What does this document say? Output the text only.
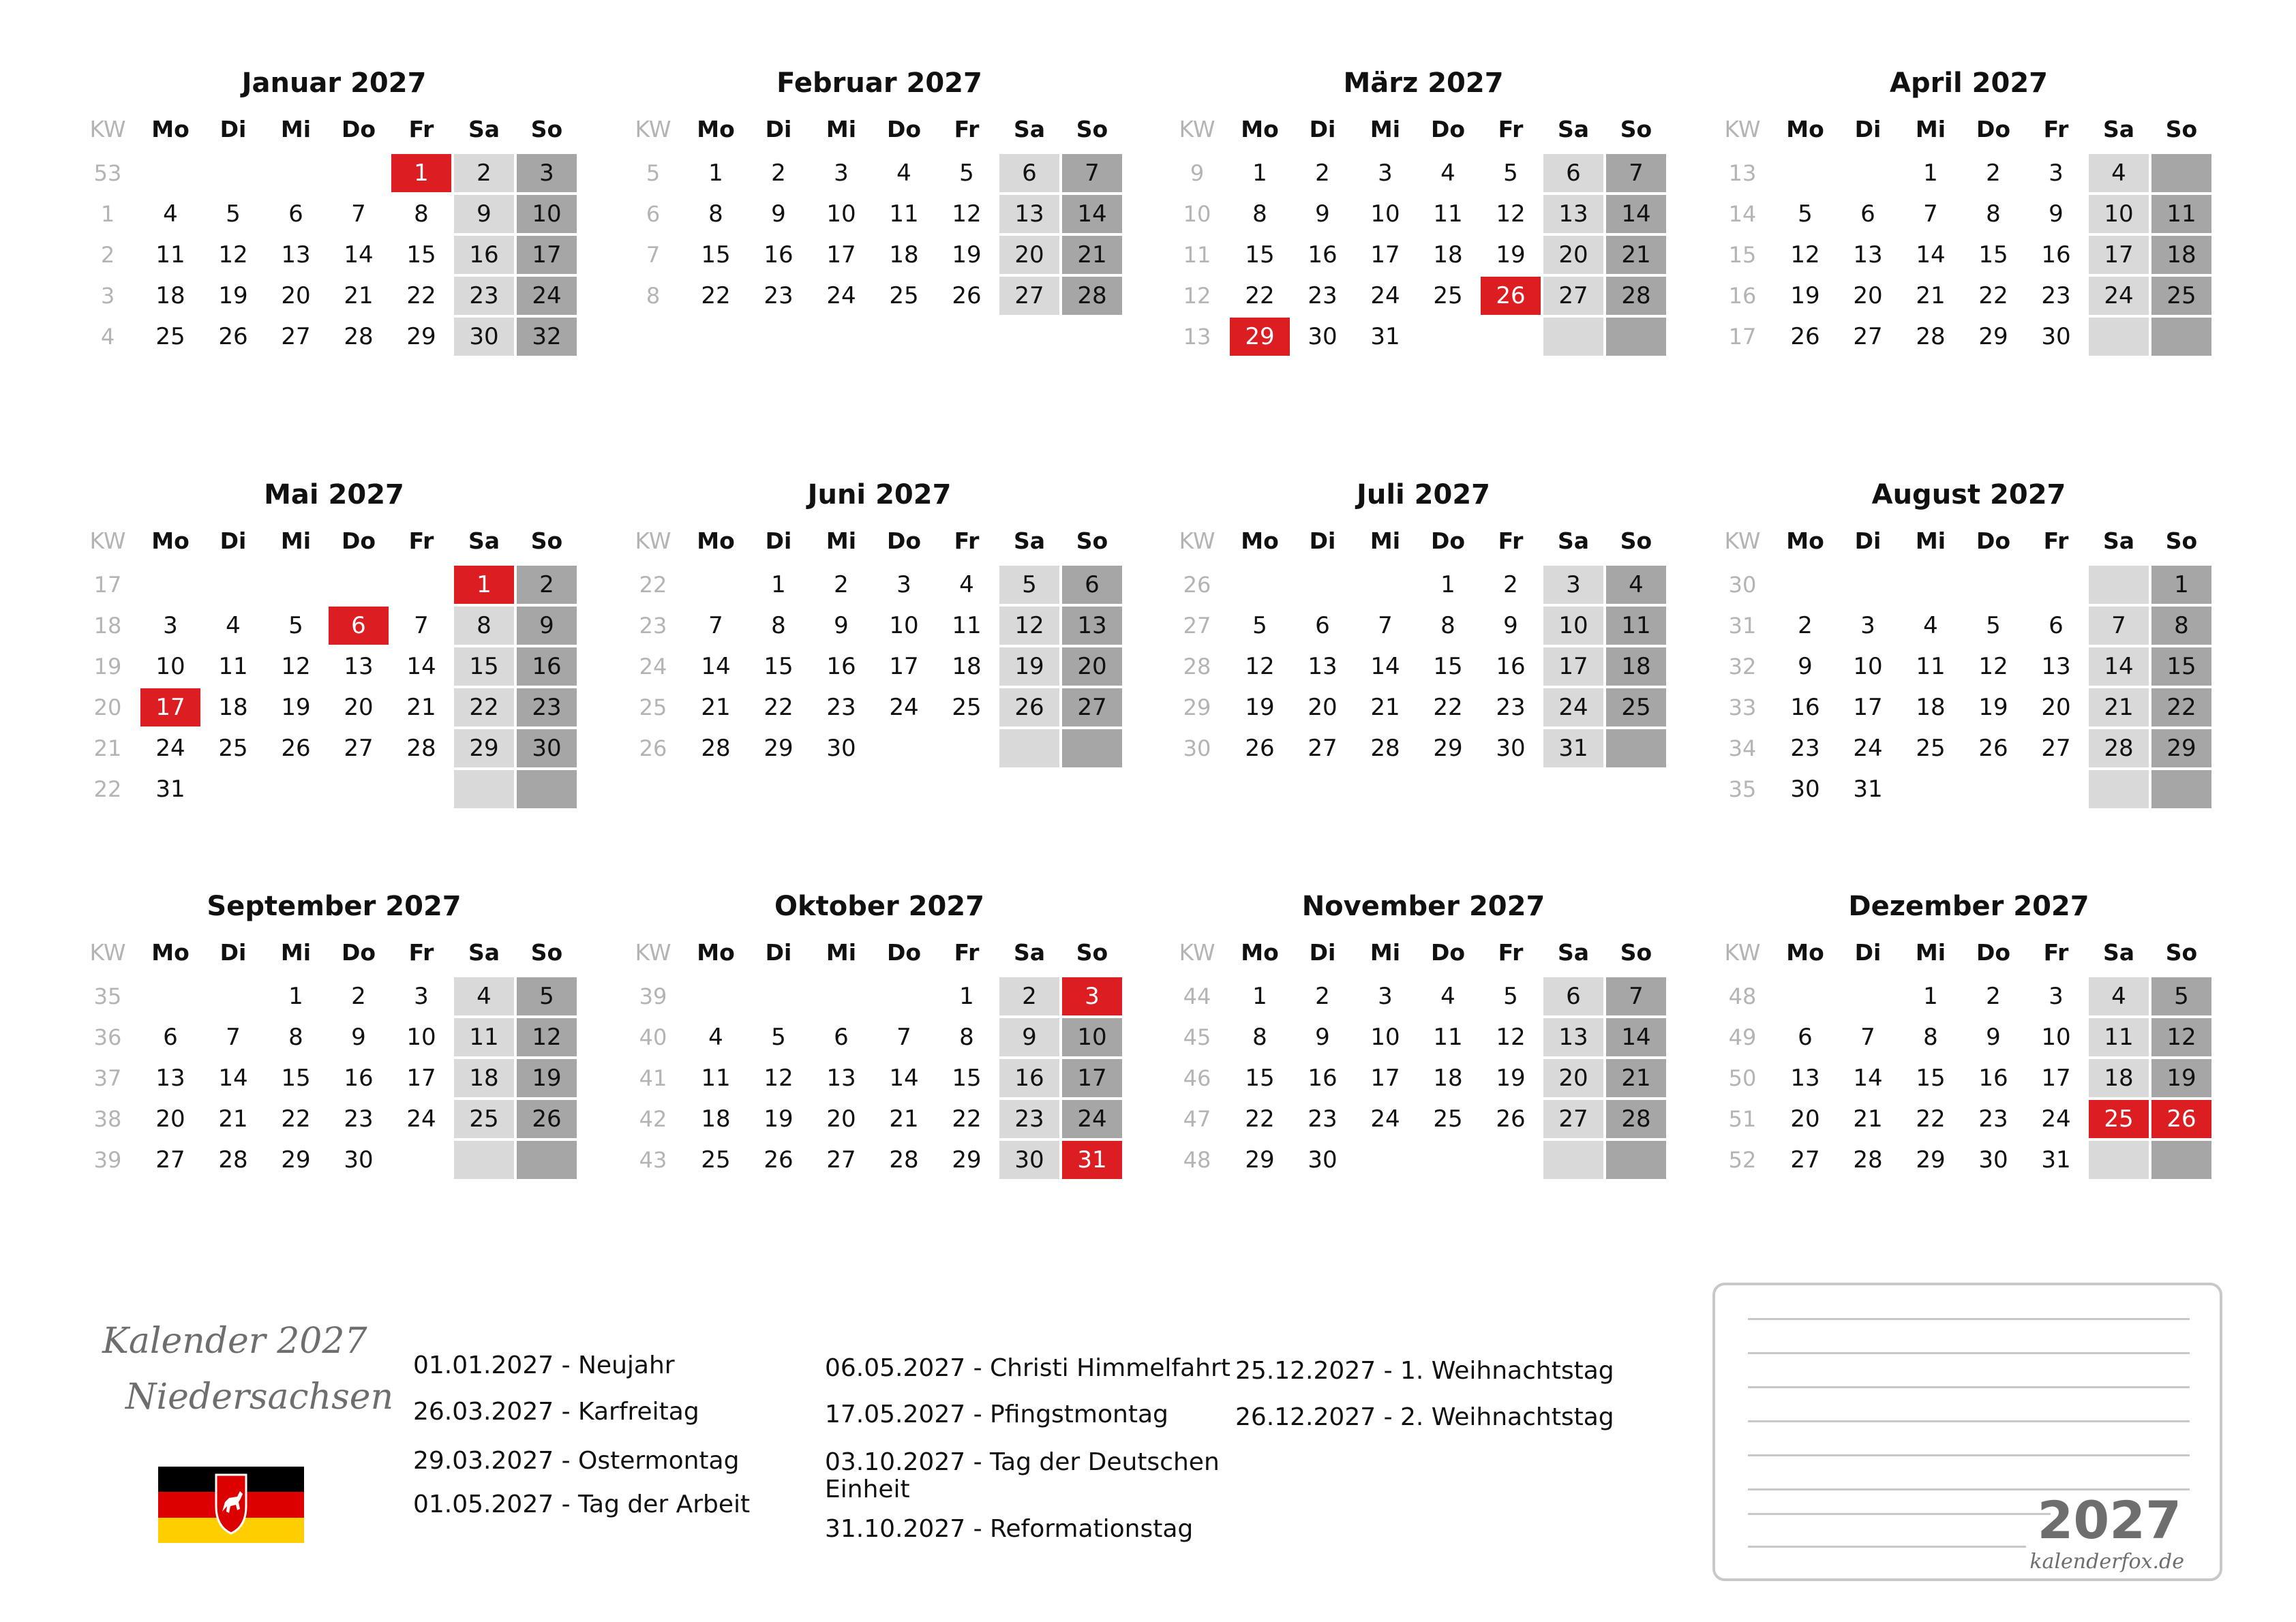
Januar 2027
KW	Mo	Di	Mi	Do	Fr	Sa	So
53					1	2	3
1	4	5	6	7	8	9	10
2	11	12	13	14	15	16	17
3	18	19	20	21	22	23	24
4	25	26	27	28	29	30	32
Februar 2027
KW	Mo	Di	Mi	Do	Fr	Sa	So
5	1	2	3	4	5	6	7
6	8	9	10	11	12	13	14
7	15	16	17	18	19	20	21
8	22	23	24	25	26	27	28
März 2027
KW	Mo	Di	Mi	Do	Fr	Sa	So
9	1	2	3	4	5	6	7
10	8	9	10	11	12	13	14
11	15	16	17	18	19	20	21
12	22	23	24	25	26	27	28
13	29	30	31				
April 2027
KW	Mo	Di	Mi	Do	Fr	Sa	So
13			1	2	3	4	
14	5	6	7	8	9	10	11
15	12	13	14	15	16	17	18
16	19	20	21	22	23	24	25
17	26	27	28	29	30		
Mai 2027
KW	Mo	Di	Mi	Do	Fr	Sa	So
17						1	2
18	3	4	5	6	7	8	9
19	10	11	12	13	14	15	16
20	17	18	19	20	21	22	23
21	24	25	26	27	28	29	30
22	31						
Juni 2027
KW	Mo	Di	Mi	Do	Fr	Sa	So
22		1	2	3	4	5	6
23	7	8	9	10	11	12	13
24	14	15	16	17	18	19	20
25	21	22	23	24	25	26	27
26	28	29	30				
Juli 2027
KW	Mo	Di	Mi	Do	Fr	Sa	So
26				1	2	3	4
27	5	6	7	8	9	10	11
28	12	13	14	15	16	17	18
29	19	20	21	22	23	24	25
30	26	27	28	29	30	31	
August 2027
KW	Mo	Di	Mi	Do	Fr	Sa	So
30							1
31	2	3	4	5	6	7	8
32	9	10	11	12	13	14	15
33	16	17	18	19	20	21	22
34	23	24	25	26	27	28	29
35	30	31					
September 2027
KW	Mo	Di	Mi	Do	Fr	Sa	So
35			1	2	3	4	5
36	6	7	8	9	10	11	12
37	13	14	15	16	17	18	19
38	20	21	22	23	24	25	26
39	27	28	29	30			
Oktober 2027
KW	Mo	Di	Mi	Do	Fr	Sa	So
39					1	2	3
40	4	5	6	7	8	9	10
41	11	12	13	14	15	16	17
42	18	19	20	21	22	23	24
43	25	26	27	28	29	30	31
November 2027
KW	Mo	Di	Mi	Do	Fr	Sa	So
44	1	2	3	4	5	6	7
45	8	9	10	11	12	13	14
46	15	16	17	18	19	20	21
47	22	23	24	25	26	27	28
48	29	30					
Dezember 2027
KW	Mo	Di	Mi	Do	Fr	Sa	So
48			1	2	3	4	5
49	6	7	8	9	10	11	12
50	13	14	15	16	17	18	19
51	20	21	22	23	24	25	26
52	27	28	29	30	31		
Kalender 2027
Niedersachsen
01.01.2027 - Neujahr
26.03.2027 - Karfreitag
29.03.2027 - Ostermontag
01.05.2027 - Tag der Arbeit
06.05.2027 - Christi Himmelfahrt
17.05.2027 - Pfingstmontag
03.10.2027 - Tag der Deutschen
Einheit
31.10.2027 - Reformationstag
25.12.2027 - 1. Weihnachtstag
26.12.2027 - 2. Weihnachtstag
2027
kalenderfox.de
